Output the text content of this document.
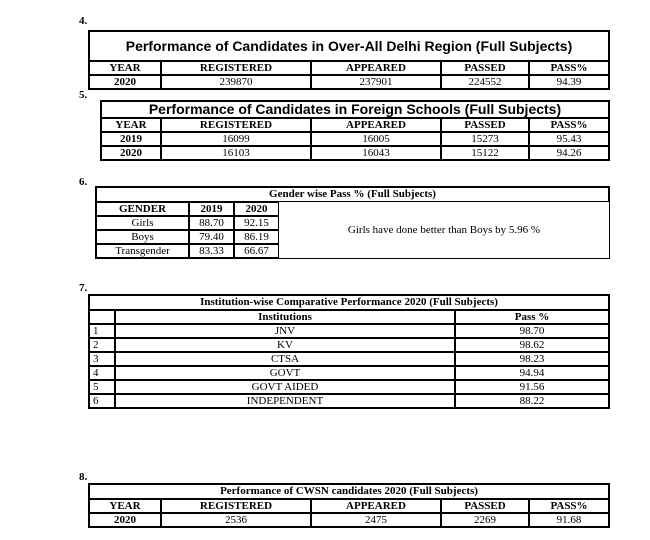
4.
Performance of Candidates in Over-All Delhi Region (Full Subjects)				
YEAR	REGISTERED	APPEARED	PASSED	PASS%
2020	239870	237901	224552	94.39
5.
Performance of Candidates in Foreign Schools (Full Subjects)				
YEAR	REGISTERED	APPEARED	PASSED	PASS%
2019	16099	16005	15273	95.43
2020	16103	16043	15122	94.26
6.
Gender wise Pass % (Full Subjects)			
GENDER	2019	2020	Girls have done better than Boys by 5.96 %
Girls	88.70	92.15	
Boys	79.40	86.19	
Transgender	83.33	66.67	
7.
Institution-wise Comparative Performance 2020 (Full Subjects)		
	Institutions	Pass %
1	JNV	98.70
2	KV	98.62
3	CTSA	98.23
4	GOVT	94.94
5	GOVT AIDED	91.56
6	INDEPENDENT	88.22
8.
Performance of CWSN candidates 2020 (Full Subjects)				
YEAR	REGISTERED	APPEARED	PASSED	PASS%
2020	2536	2475	2269	91.68
